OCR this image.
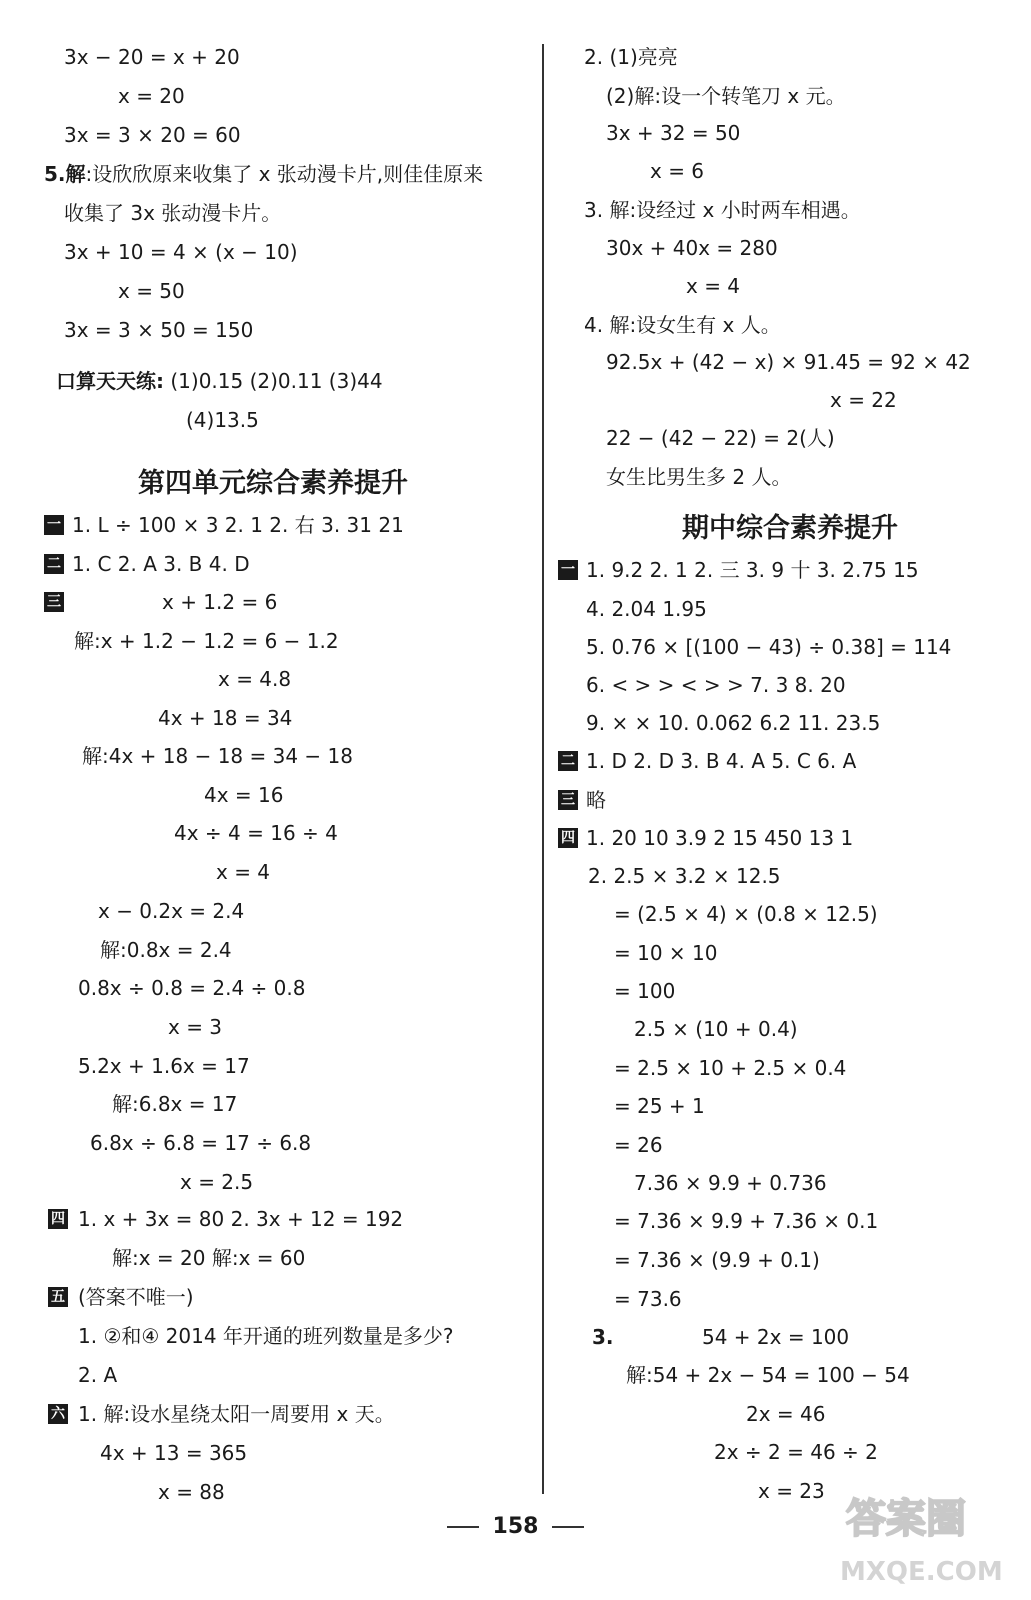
3x − 20 = x + 20
x = 20
3x = 3 × 20 = 60
5.解:设欣欣原来收集了 x 张动漫卡片,则佳佳原来
收集了 3x 张动漫卡片。
3x + 10 = 4 × (x − 10)
x = 50
3x = 3 × 50 = 150
口算天天练: (1)0.15 (2)0.11 (3)44
(4)13.5
第四单元综合素养提升
一 1. L ÷ 100 × 3 2. 1 2. 右 3. 31 21
二 1. C 2. A 3. B 4. D
三	x + 1.2 = 6
解:x + 1.2 − 1.2 = 6 − 1.2
x = 4.8
4x + 18 = 34
解:4x + 18 − 18 = 34 − 18
4x = 16
4x ÷ 4 = 16 ÷ 4
x = 4
x − 0.2x = 2.4
解:0.8x = 2.4
0.8x ÷ 0.8 = 2.4 ÷ 0.8
x = 3
5.2x + 1.6x = 17
解:6.8x = 17
6.8x ÷ 6.8 = 17 ÷ 6.8
x = 2.5
四 1. x + 3x = 80 2. 3x + 12 = 192
解:x = 20 解:x = 60
五 (答案不唯一)
1. ②和④ 2014 年开通的班列数量是多少?
2. A
六 1. 解:设水星绕太阳一周要用 x 天。
4x + 13 = 365
x = 88
2. (1)亮亮
(2)解:设一个转笔刀 x 元。
3x + 32 = 50
x = 6
3. 解:设经过 x 小时两车相遇。
30x + 40x = 280
x = 4
4. 解:设女生有 x 人。
92.5x + (42 − x) × 91.45 = 92 × 42
x = 22
22 − (42 − 22) = 2(人)
女生比男生多 2 人。
期中综合素养提升
一 1. 9.2 2. 1 2. 三 3. 9 十 3. 2.75 15
4. 2.04 1.95
5. 0.76 × [(100 − 43) ÷ 0.38] = 114
6. < > > < > > 7. 3 8. 20
9. × × 10. 0.062 6.2 11. 23.5
二 1. D 2. D 3. B 4. A 5. C 6. A
三 略
四 1. 20 10 3.9 2 15 450 13 1
2. 2.5 × 3.2 × 12.5
= (2.5 × 4) × (0.8 × 12.5)
= 10 × 10
= 100
2.5 × (10 + 0.4)
= 2.5 × 10 + 2.5 × 0.4
= 25 + 1
= 26
7.36 × 9.9 + 0.736
= 7.36 × 9.9 + 7.36 × 0.1
= 7.36 × (9.9 + 0.1)
= 73.6
3.	54 + 2x = 100
解:54 + 2x − 54 = 100 − 54
2x = 46
2x ÷ 2 = 46 ÷ 2
x = 23
158	答案圈
MXQE.COM
